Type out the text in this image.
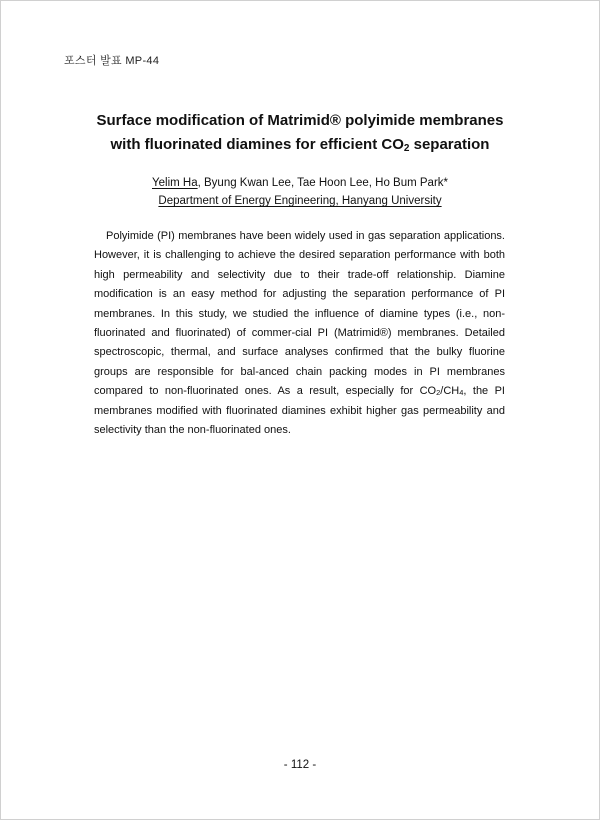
포스터 발표 MP-44
Surface modification of Matrimid® polyimide membranes
with fluorinated diamines for efficient $CO_2$ separation
Yelim Ha, Byung Kwan Lee, Tae Hoon Lee, Ho Bum Park*
Department of Energy Engineering, Hanyang University

Polyimide (PI) membranes have been widely used in gas separation applications. However, it is challenging to achieve the desired separation performance with both high permeability and selectivity due to their trade-off relationship. Diamine modification is an easy method for adjusting the separation performance of PI membranes. In this study, we studied the influence of diamine types (i.e., non-fluorinated and fluorinated) of commer-cial PI (Matrimid®) membranes. Detailed spectroscopic, thermal, and surface analyses confirmed that the bulky fluorine groups are responsible for bal-anced chain packing modes in PI membranes compared to non-fluorinated ones. As a result, especially for $CO_2/CH_4$, the PI membranes modified with fluorinated diamines exhibit higher gas permeability and selectivity than the non-fluorinated ones.

- 112 -
